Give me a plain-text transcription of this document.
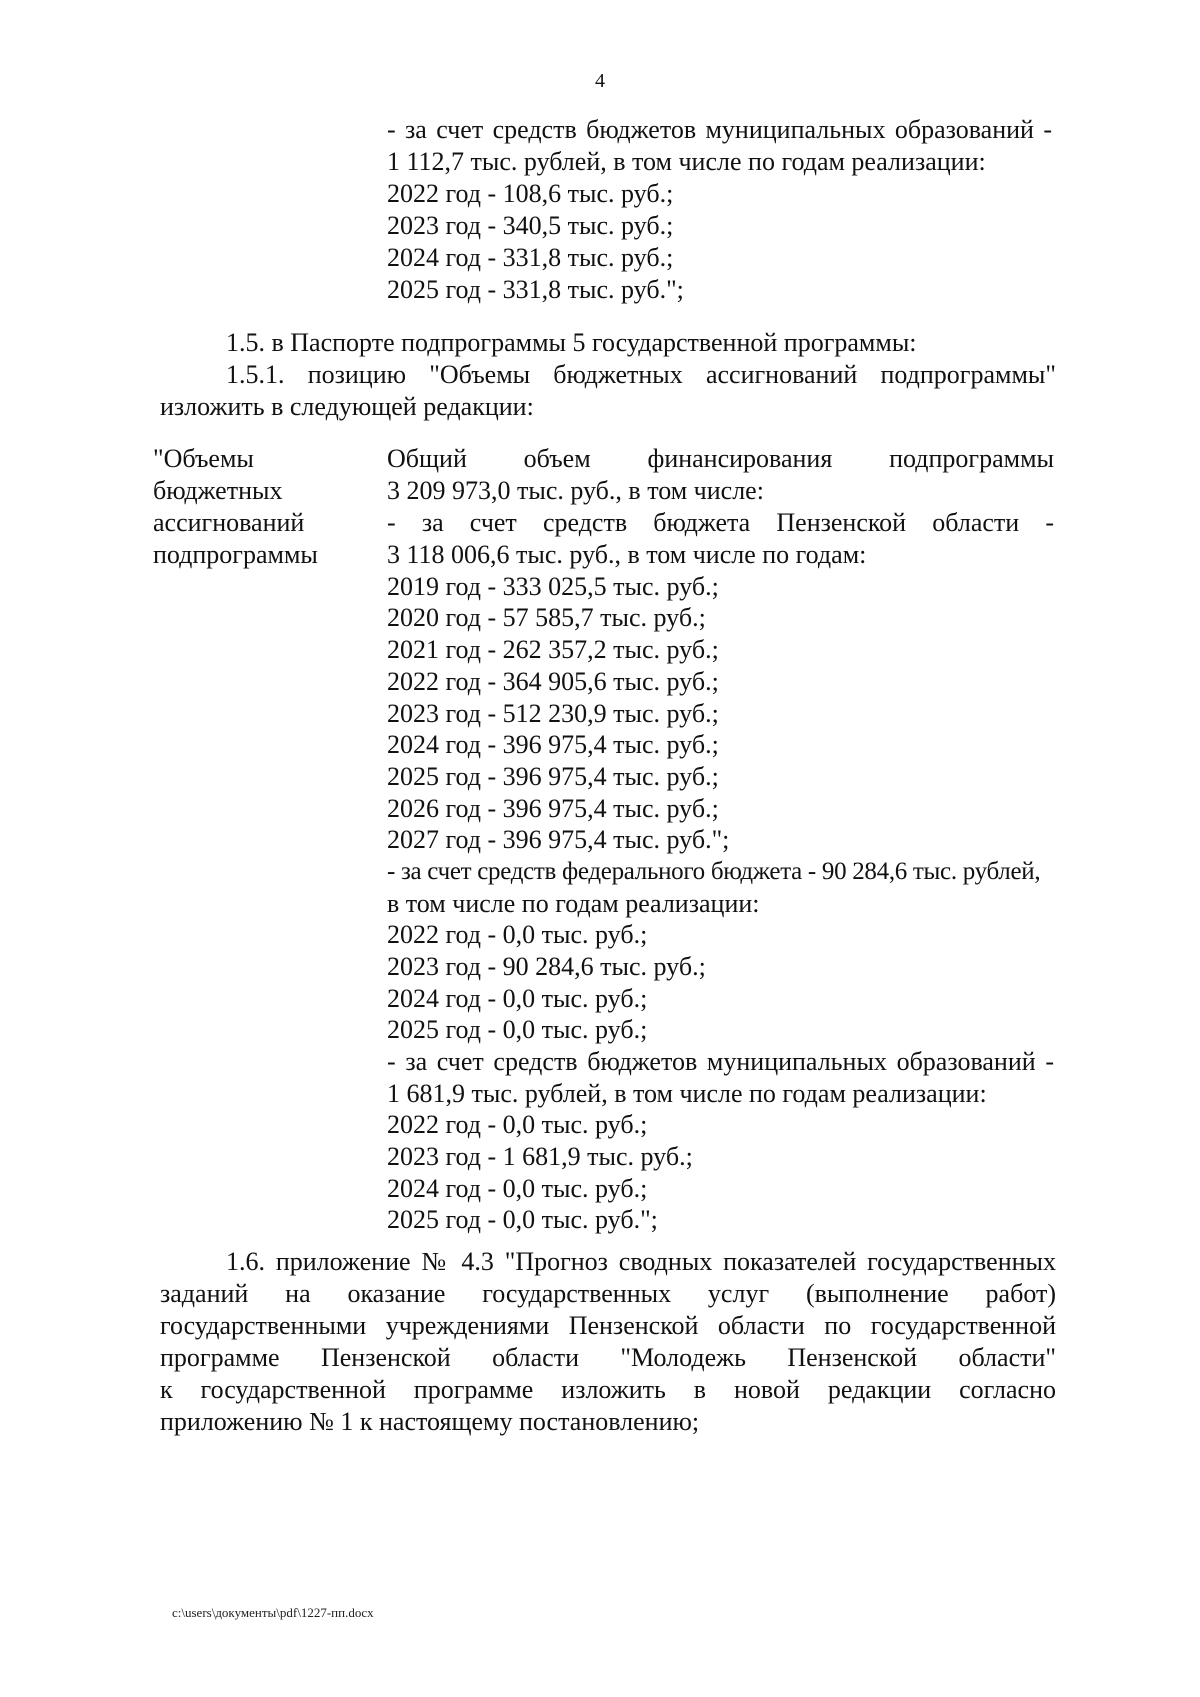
4
- за счет средств бюджетов муниципальных образований -
1 112,7 тыс. рублей, в том числе по годам реализации:
2022 год - 108,6 тыс. руб.;
2023 год - 340,5 тыс. руб.;
2024 год - 331,8 тыс. руб.;
2025 год - 331,8 тыс. руб.";
1.5. в Паспорте подпрограммы 5 государственной программы:
1.5.1. позицию "Объемы бюджетных ассигнований подпрограммы"
изложить в следующей редакции:
"Объемы
бюджетных
ассигнований
подпрограммы
Общий объем финансирования подпрограммы
3 209 973,0 тыс. руб., в том числе:
- за счет средств бюджета Пензенской области -
3 118 006,6 тыс. руб., в том числе по годам:
2019 год - 333 025,5 тыс. руб.;
2020 год - 57 585,7 тыс. руб.;
2021 год - 262 357,2 тыс. руб.;
2022 год - 364 905,6 тыс. руб.;
2023 год - 512 230,9 тыс. руб.;
2024 год - 396 975,4 тыс. руб.;
2025 год - 396 975,4 тыс. руб.;
2026 год - 396 975,4 тыс. руб.;
2027 год - 396 975,4 тыс. руб.";
- за счет средств федерального бюджета - 90 284,6 тыс. рублей,
в том числе по годам реализации:
2022 год - 0,0 тыс. руб.;
2023 год - 90 284,6 тыс. руб.;
2024 год - 0,0 тыс. руб.;
2025 год - 0,0 тыс. руб.;
- за счет средств бюджетов муниципальных образований -
1 681,9 тыс. рублей, в том числе по годам реализации:
2022 год - 0,0 тыс. руб.;
2023 год - 1 681,9 тыс. руб.;
2024 год - 0,0 тыс. руб.;
2025 год - 0,0 тыс. руб.";
1.6. приложение № 4.3 "Прогноз сводных показателей государственных
заданий на оказание государственных услуг (выполнение работ)
государственными учреждениями Пензенской области по государственной
программе Пензенской области "Молодежь Пензенской области"
к государственной программе изложить в новой редакции согласно
приложению № 1 к настоящему постановлению;
c:\users\документы\pdf\1227-пп.docx
